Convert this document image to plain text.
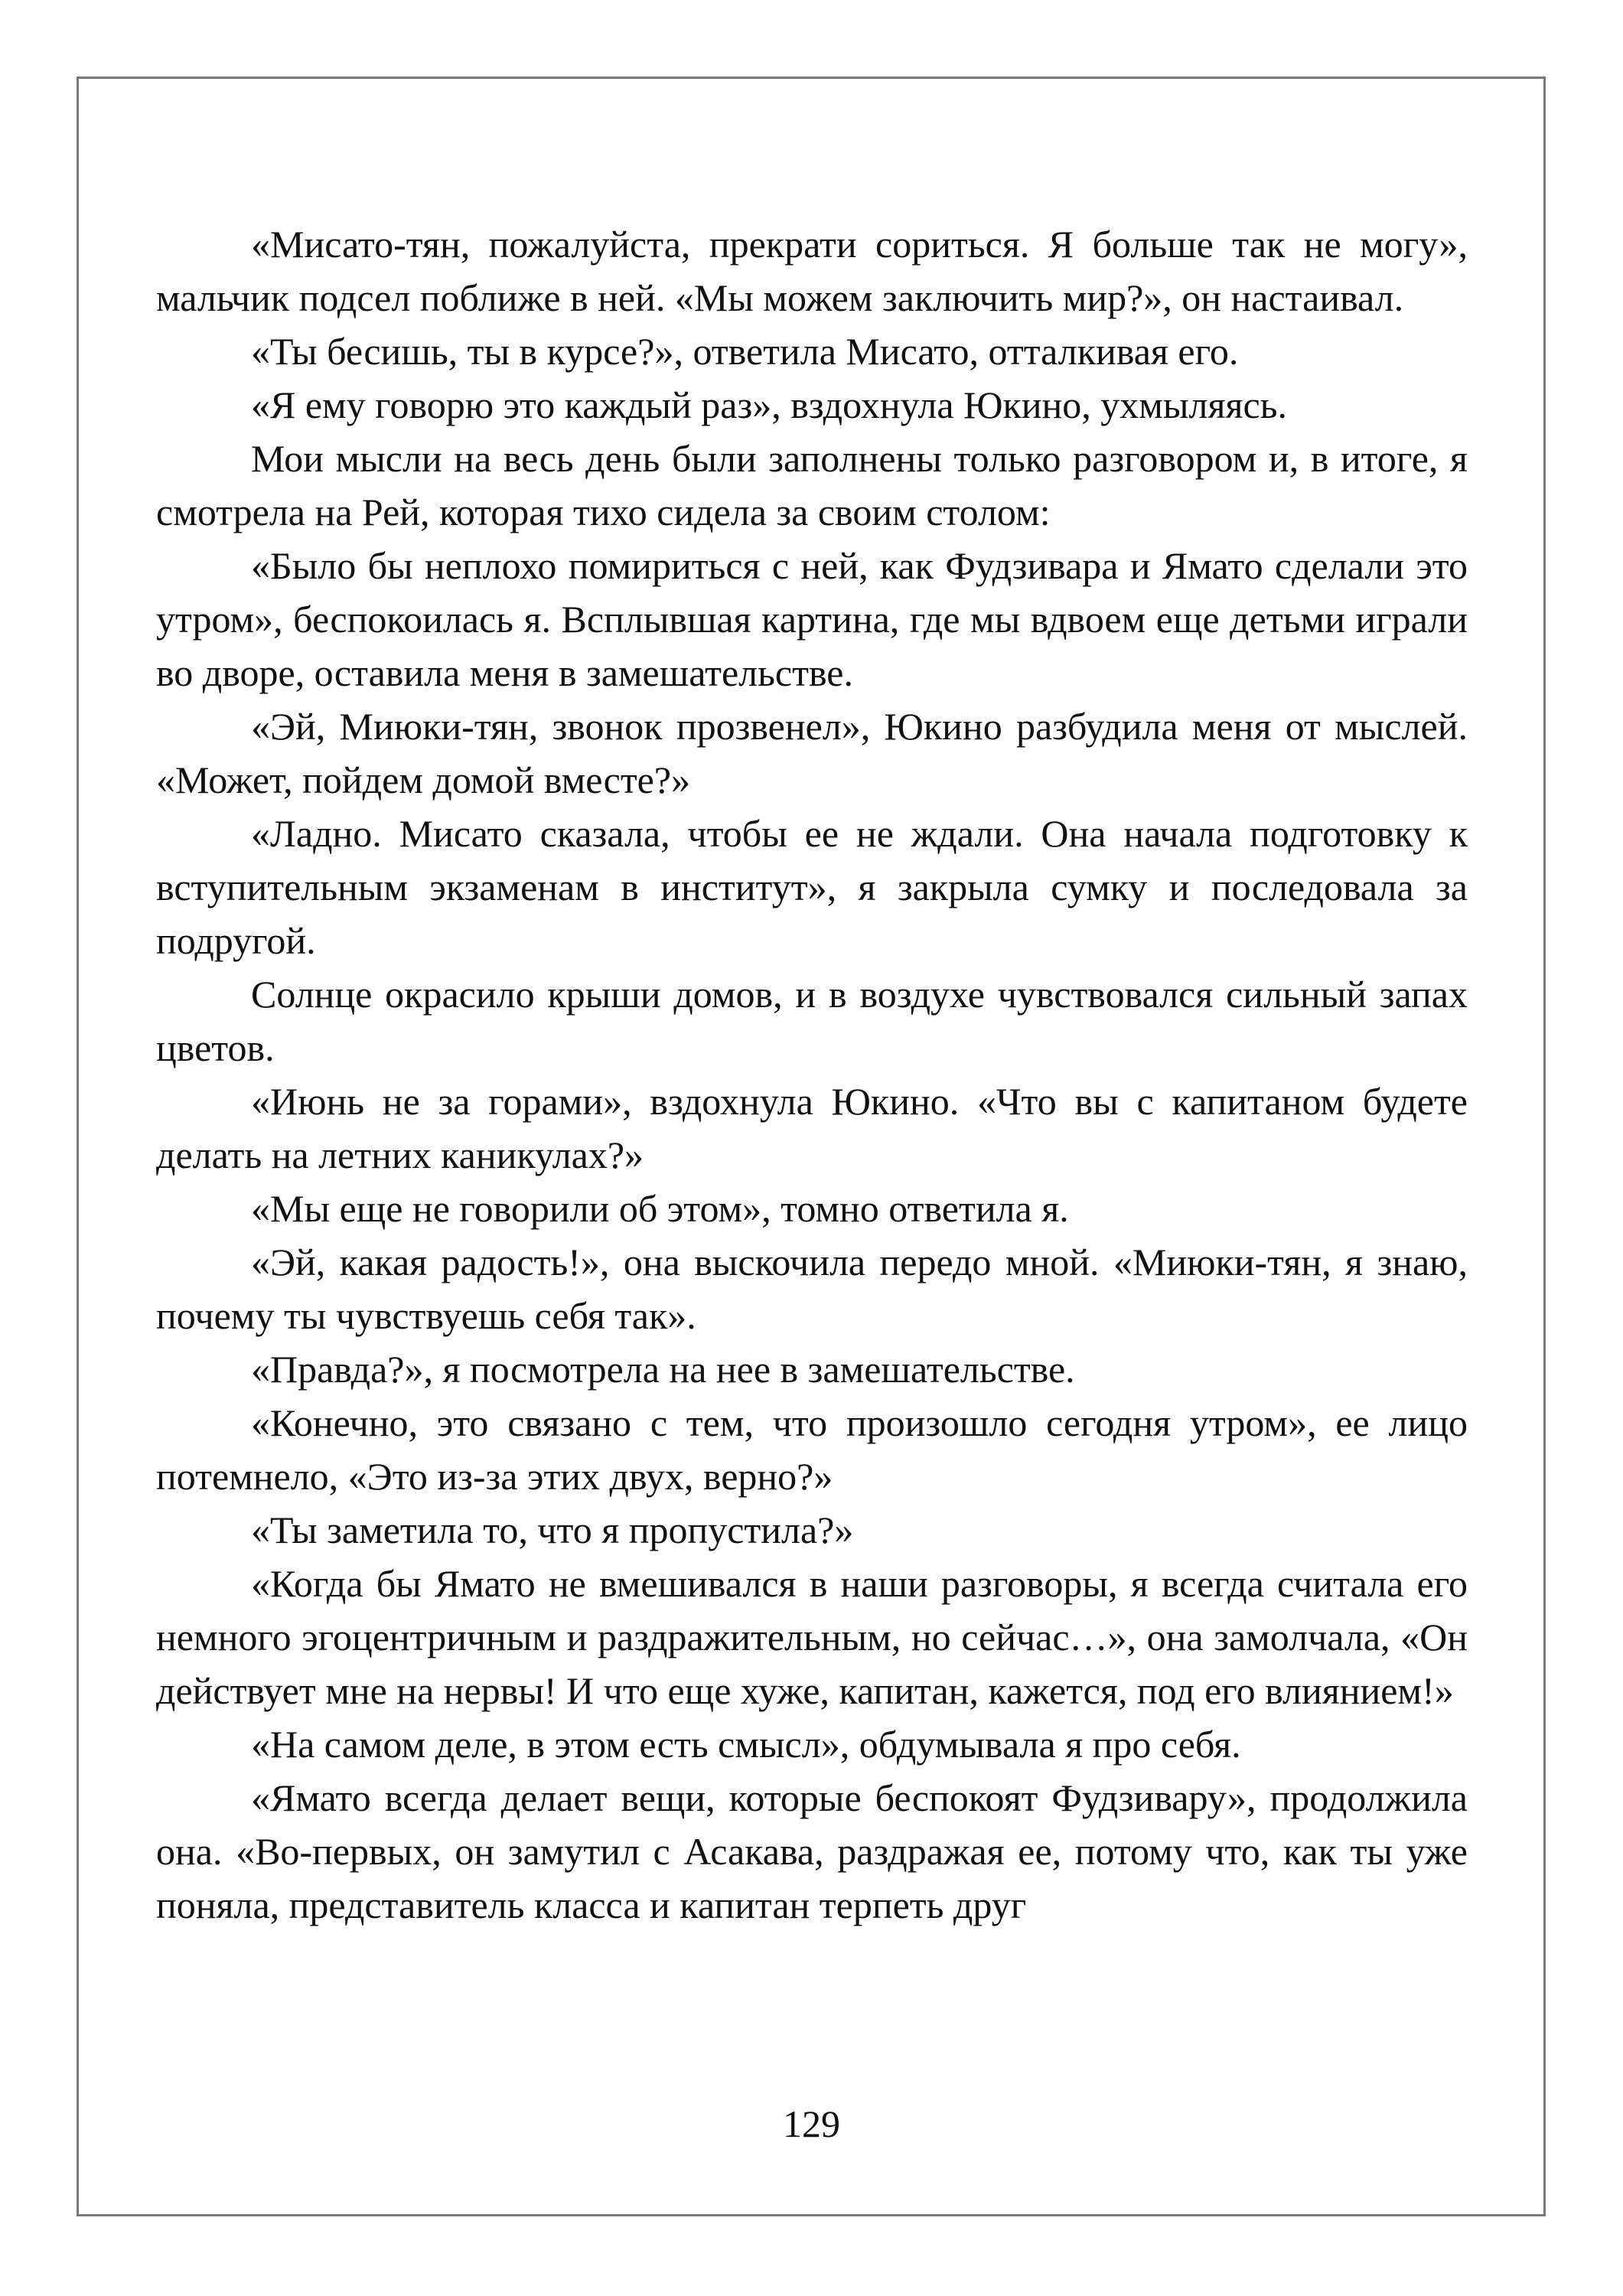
«Мисато-тян, пожалуйста, прекрати сориться. Я больше так не могу», мальчик подсел поближе в ней. «Мы можем заключить мир?», он настаивал.

«Ты бесишь, ты в курсе?», ответила Мисато, отталкивая его.

«Я ему говорю это каждый раз», вздохнула Юкино, ухмыляясь.

Мои мысли на весь день были заполнены только разговором и, в итоге, я смотрела на Рей, которая тихо сидела за своим столом:

«Было бы неплохо помириться с ней, как Фудзивара и Ямато сделали это утром», беспокоилась я. Всплывшая картина, где мы вдвоем еще детьми играли во дворе, оставила меня в замешательстве.

«Эй, Миюки-тян, звонок прозвенел», Юкино разбудила меня от мыслей. «Может, пойдем домой вместе?»

«Ладно. Мисато сказала, чтобы ее не ждали. Она начала подготовку к вступительным экзаменам в институт», я закрыла сумку и последовала за подругой.

Солнце окрасило крыши домов, и в воздухе чувствовался сильный запах цветов.

«Июнь не за горами», вздохнула Юкино. «Что вы с капитаном будете делать на летних каникулах?»

«Мы еще не говорили об этом», томно ответила я.

«Эй, какая радость!», она выскочила передо мной. «Миюки-тян, я знаю, почему ты чувствуешь себя так».

«Правда?», я посмотрела на нее в замешательстве.

«Конечно, это связано с тем, что произошло сегодня утром», ее лицо потемнело, «Это из-за этих двух, верно?»

«Ты заметила то, что я пропустила?»

«Когда бы Ямато не вмешивался в наши разговоры, я всегда считала его немного эгоцентричным и раздражительным, но сейчас…», она замолчала, «Он действует мне на нервы! И что еще хуже, капитан, кажется, под его влиянием!»

«На самом деле, в этом есть смысл», обдумывала я про себя.

«Ямато всегда делает вещи, которые беспокоят Фудзивару», продолжила она. «Во-первых, он замутил с Асакава, раздражая ее, потому что, как ты уже поняла, представитель класса и капитан терпеть друг

129
